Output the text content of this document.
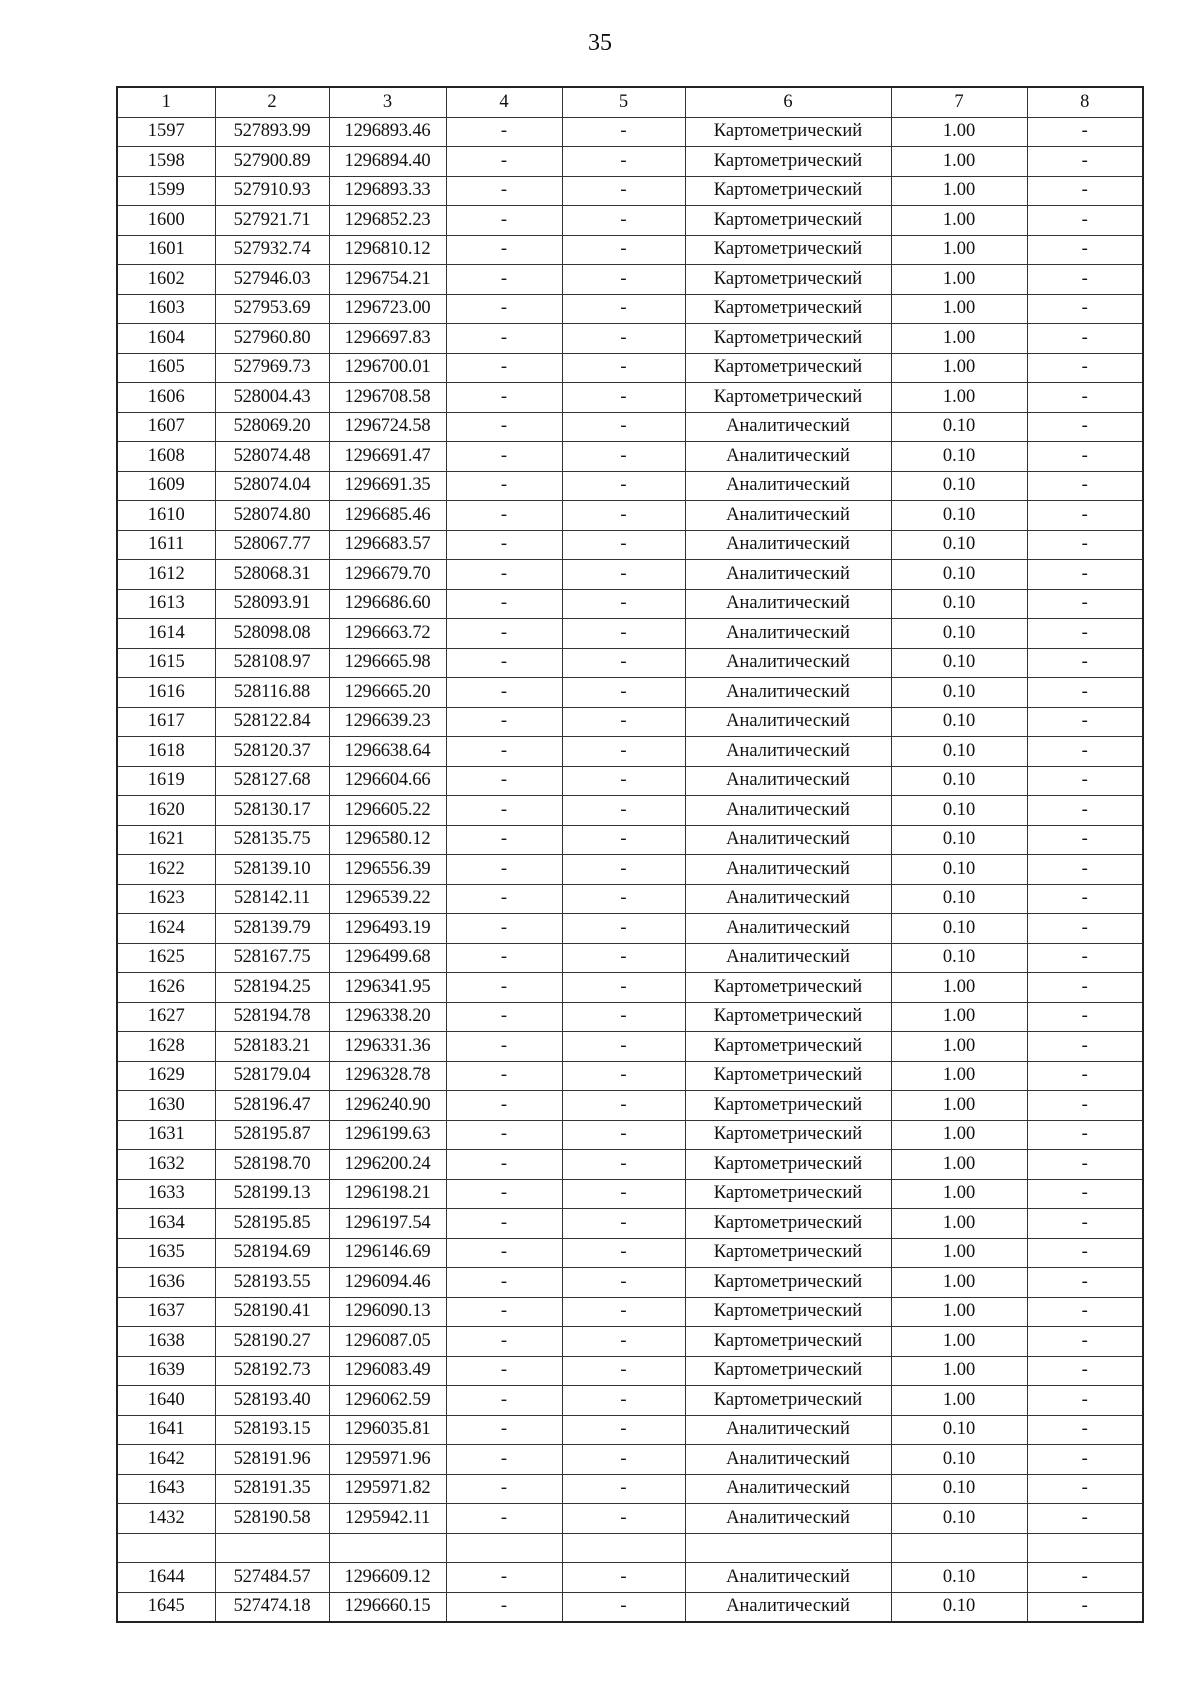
35
1	2	3	4	5	6	7	8
1597	527893.99	1296893.46	-	-	Картометрический	1.00	-
1598	527900.89	1296894.40	-	-	Картометрический	1.00	-
1599	527910.93	1296893.33	-	-	Картометрический	1.00	-
1600	527921.71	1296852.23	-	-	Картометрический	1.00	-
1601	527932.74	1296810.12	-	-	Картометрический	1.00	-
1602	527946.03	1296754.21	-	-	Картометрический	1.00	-
1603	527953.69	1296723.00	-	-	Картометрический	1.00	-
1604	527960.80	1296697.83	-	-	Картометрический	1.00	-
1605	527969.73	1296700.01	-	-	Картометрический	1.00	-
1606	528004.43	1296708.58	-	-	Картометрический	1.00	-
1607	528069.20	1296724.58	-	-	Аналитический	0.10	-
1608	528074.48	1296691.47	-	-	Аналитический	0.10	-
1609	528074.04	1296691.35	-	-	Аналитический	0.10	-
1610	528074.80	1296685.46	-	-	Аналитический	0.10	-
1611	528067.77	1296683.57	-	-	Аналитический	0.10	-
1612	528068.31	1296679.70	-	-	Аналитический	0.10	-
1613	528093.91	1296686.60	-	-	Аналитический	0.10	-
1614	528098.08	1296663.72	-	-	Аналитический	0.10	-
1615	528108.97	1296665.98	-	-	Аналитический	0.10	-
1616	528116.88	1296665.20	-	-	Аналитический	0.10	-
1617	528122.84	1296639.23	-	-	Аналитический	0.10	-
1618	528120.37	1296638.64	-	-	Аналитический	0.10	-
1619	528127.68	1296604.66	-	-	Аналитический	0.10	-
1620	528130.17	1296605.22	-	-	Аналитический	0.10	-
1621	528135.75	1296580.12	-	-	Аналитический	0.10	-
1622	528139.10	1296556.39	-	-	Аналитический	0.10	-
1623	528142.11	1296539.22	-	-	Аналитический	0.10	-
1624	528139.79	1296493.19	-	-	Аналитический	0.10	-
1625	528167.75	1296499.68	-	-	Аналитический	0.10	-
1626	528194.25	1296341.95	-	-	Картометрический	1.00	-
1627	528194.78	1296338.20	-	-	Картометрический	1.00	-
1628	528183.21	1296331.36	-	-	Картометрический	1.00	-
1629	528179.04	1296328.78	-	-	Картометрический	1.00	-
1630	528196.47	1296240.90	-	-	Картометрический	1.00	-
1631	528195.87	1296199.63	-	-	Картометрический	1.00	-
1632	528198.70	1296200.24	-	-	Картометрический	1.00	-
1633	528199.13	1296198.21	-	-	Картометрический	1.00	-
1634	528195.85	1296197.54	-	-	Картометрический	1.00	-
1635	528194.69	1296146.69	-	-	Картометрический	1.00	-
1636	528193.55	1296094.46	-	-	Картометрический	1.00	-
1637	528190.41	1296090.13	-	-	Картометрический	1.00	-
1638	528190.27	1296087.05	-	-	Картометрический	1.00	-
1639	528192.73	1296083.49	-	-	Картометрический	1.00	-
1640	528193.40	1296062.59	-	-	Картометрический	1.00	-
1641	528193.15	1296035.81	-	-	Аналитический	0.10	-
1642	528191.96	1295971.96	-	-	Аналитический	0.10	-
1643	528191.35	1295971.82	-	-	Аналитический	0.10	-
1432	528190.58	1295942.11	-	-	Аналитический	0.10	-

1644	527484.57	1296609.12	-	-	Аналитический	0.10	-
1645	527474.18	1296660.15	-	-	Аналитический	0.10	-
